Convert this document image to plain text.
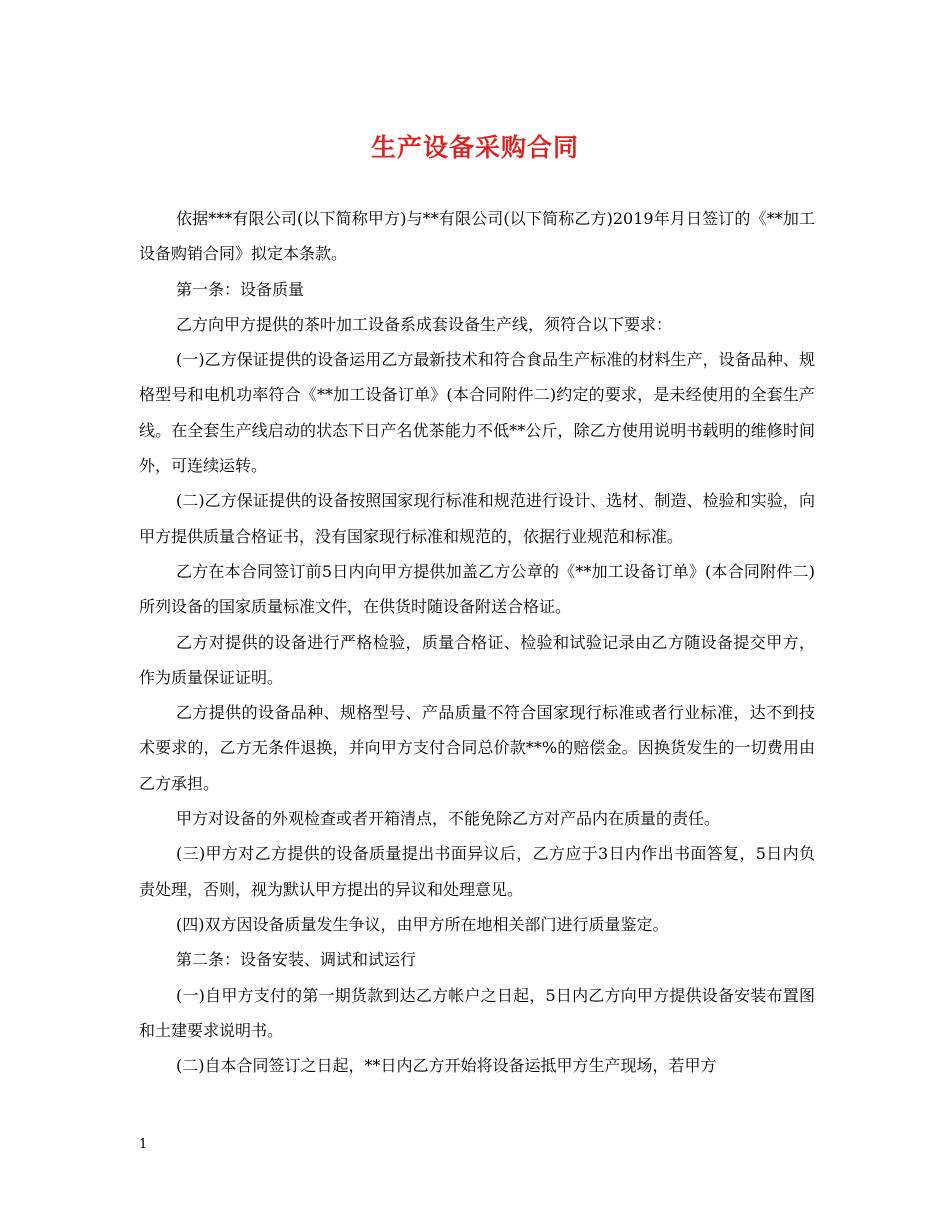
生产设备采购合同

依据***有限公司(以下简称甲方)与**有限公司(以下简称乙方)2019年月日签订的《**加工设备购销合同》拟定本条款。

第一条：设备质量

乙方向甲方提供的茶叶加工设备系成套设备生产线，须符合以下要求：

(一)乙方保证提供的设备运用乙方最新技术和符合食品生产标准的材料生产，设备品种、规格型号和电机功率符合《**加工设备订单》(本合同附件二)约定的要求，是未经使用的全套生产线。在全套生产线启动的状态下日产名优茶能力不低**公斤，除乙方使用说明书载明的维修时间外，可连续运转。

(二)乙方保证提供的设备按照国家现行标准和规范进行设计、选材、制造、检验和实验，向甲方提供质量合格证书，没有国家现行标准和规范的，依据行业规范和标准。

乙方在本合同签订前5日内向甲方提供加盖乙方公章的《**加工设备订单》(本合同附件二)所列设备的国家质量标准文件，在供货时随设备附送合格证。

乙方对提供的设备进行严格检验，质量合格证、检验和试验记录由乙方随设备提交甲方，作为质量保证证明。

乙方提供的设备品种、规格型号、产品质量不符合国家现行标准或者行业标准，达不到技术要求的，乙方无条件退换，并向甲方支付合同总价款**%的赔偿金。因换货发生的一切费用由乙方承担。

甲方对设备的外观检查或者开箱清点，不能免除乙方对产品内在质量的责任。

(三)甲方对乙方提供的设备质量提出书面异议后，乙方应于3日内作出书面答复，5日内负责处理，否则，视为默认甲方提出的异议和处理意见。

(四)双方因设备质量发生争议，由甲方所在地相关部门进行质量鉴定。

第二条：设备安装、调试和试运行

(一)自甲方支付的第一期货款到达乙方帐户之日起，5日内乙方向甲方提供设备安装布置图和土建要求说明书。

(二)自本合同签订之日起，**日内乙方开始将设备运抵甲方生产现场，若甲方

1
